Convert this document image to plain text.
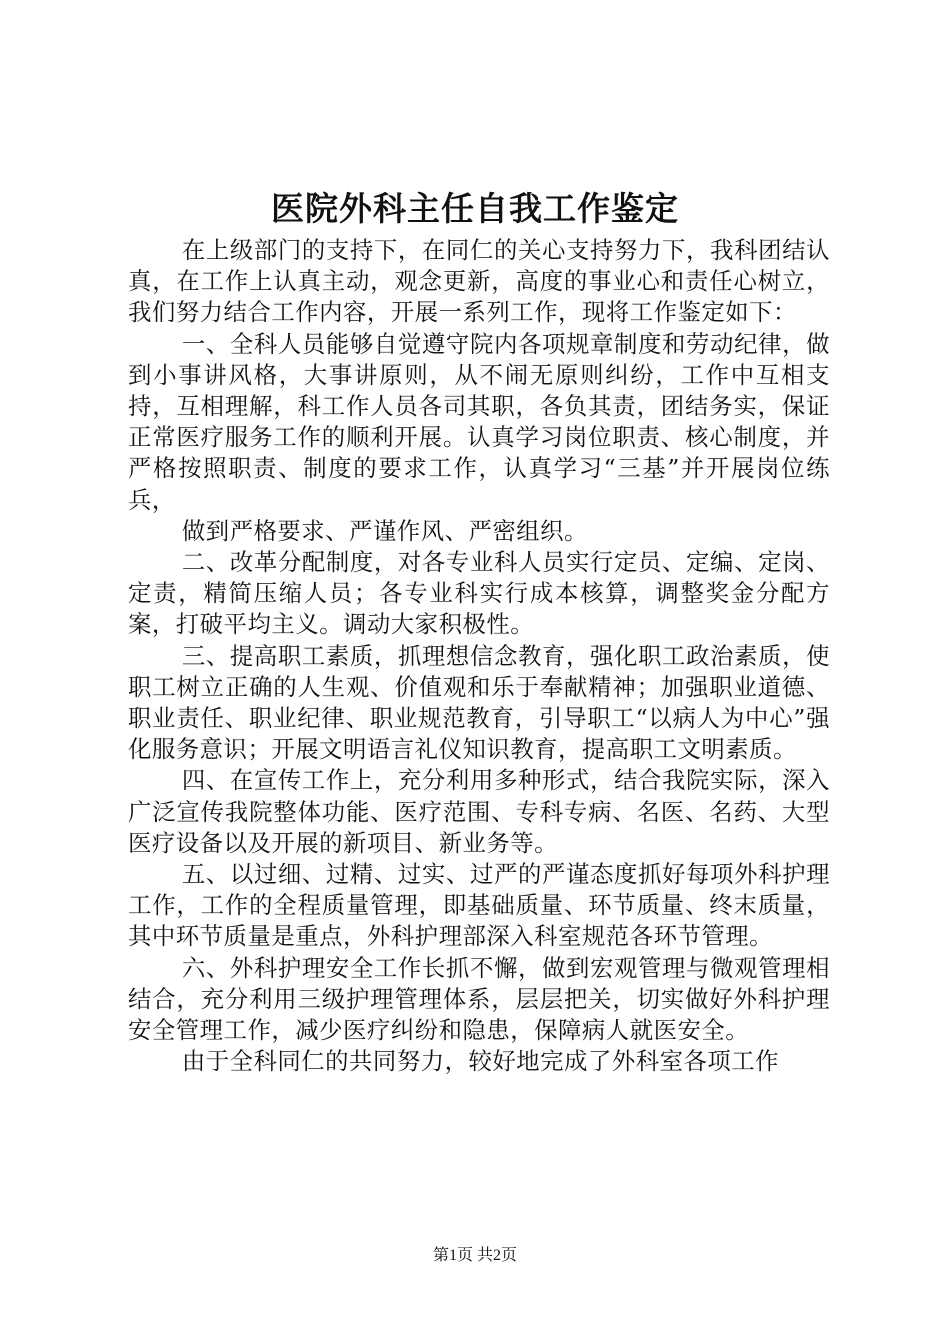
医院外科主任自我工作鉴定

在上级部门的支持下，在同仁的关心支持努力下，我科团结认真，在工作上认真主动，观念更新，高度的事业心和责任心树立，我们努力结合工作内容，开展一系列工作，现将工作鉴定如下：

一、全科人员能够自觉遵守院内各项规章制度和劳动纪律，做到小事讲风格，大事讲原则，从不闹无原则纠纷，工作中互相支持，互相理解，科工作人员各司其职，各负其责，团结务实，保证正常医疗服务工作的顺利开展。认真学习岗位职责、核心制度，并严格按照职责、制度的要求工作，认真学习“三基”并开展岗位练兵，

做到严格要求、严谨作风、严密组织。

二、改革分配制度，对各专业科人员实行定员、定编、定岗、定责，精简压缩人员；各专业科实行成本核算，调整奖金分配方案，打破平均主义。调动大家积极性。

三、提高职工素质，抓理想信念教育，强化职工政治素质，使职工树立正确的人生观、价值观和乐于奉献精神；加强职业道德、职业责任、职业纪律、职业规范教育，引导职工“以病人为中心”强化服务意识；开展文明语言礼仪知识教育，提高职工文明素质。

四、在宣传工作上，充分利用多种形式，结合我院实际，深入广泛宣传我院整体功能、医疗范围、专科专病、名医、名药、大型医疗设备以及开展的新项目、新业务等。

五、以过细、过精、过实、过严的严谨态度抓好每项外科护理工作，工作的全程质量管理，即基础质量、环节质量、终末质量，其中环节质量是重点，外科护理部深入科室规范各环节管理。

六、外科护理安全工作长抓不懈，做到宏观管理与微观管理相结合，充分利用三级护理管理体系，层层把关，切实做好外科护理安全管理工作，减少医疗纠纷和隐患，保障病人就医安全。

由于全科同仁的共同努力，较好地完成了外科室各项工作

第1页 共2页
